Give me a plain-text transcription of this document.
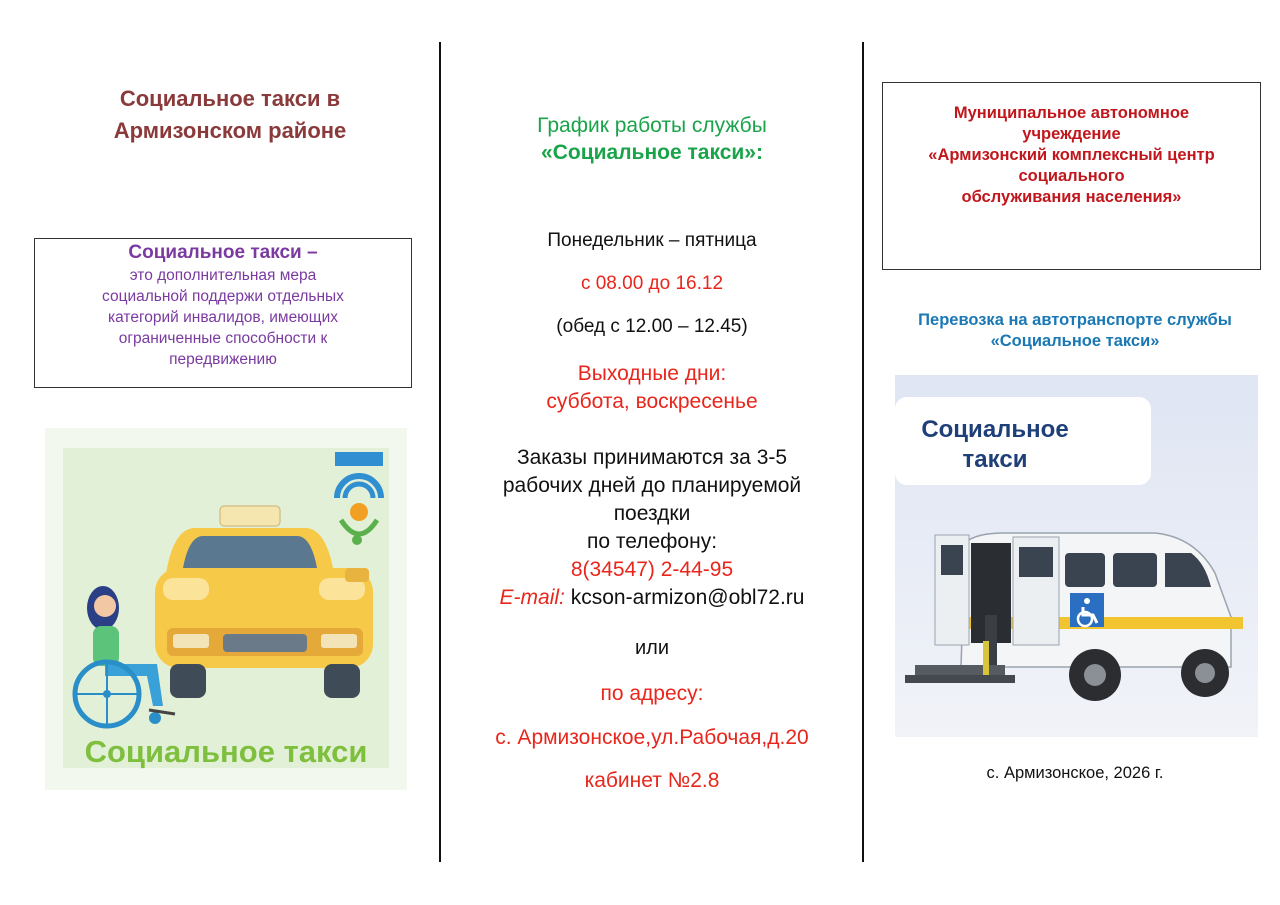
Социальное такси в
Армизонском районе
Социальное такси –
это дополнительная мера
социальной поддержи отдельных
категорий инвалидов, имеющих
ограниченные способности к
передвижению
Социальное такси
График работы службы
«Социальное такси»:
Понедельник – пятница
с 08.00 до 16.12
(обед с 12.00 – 12.45)
Выходные дни:
суббота, воскресенье
Заказы принимаются за 3-5
рабочих дней до планируемой
поездки
по телефону:
8(34547) 2-44-95
E-mail: kcson-armizon@obl72.ru
или
по адресу:
с. Армизонское,ул.Рабочая,д.20
кабинет №2.8
Муниципальное автономное
учреждение
«Армизонский комплексный центр
социального
обслуживания населения»
Перевозка на автотранспорте службы
«Социальное такси»
Социальное
такси
с. Армизонское, 2026 г.
